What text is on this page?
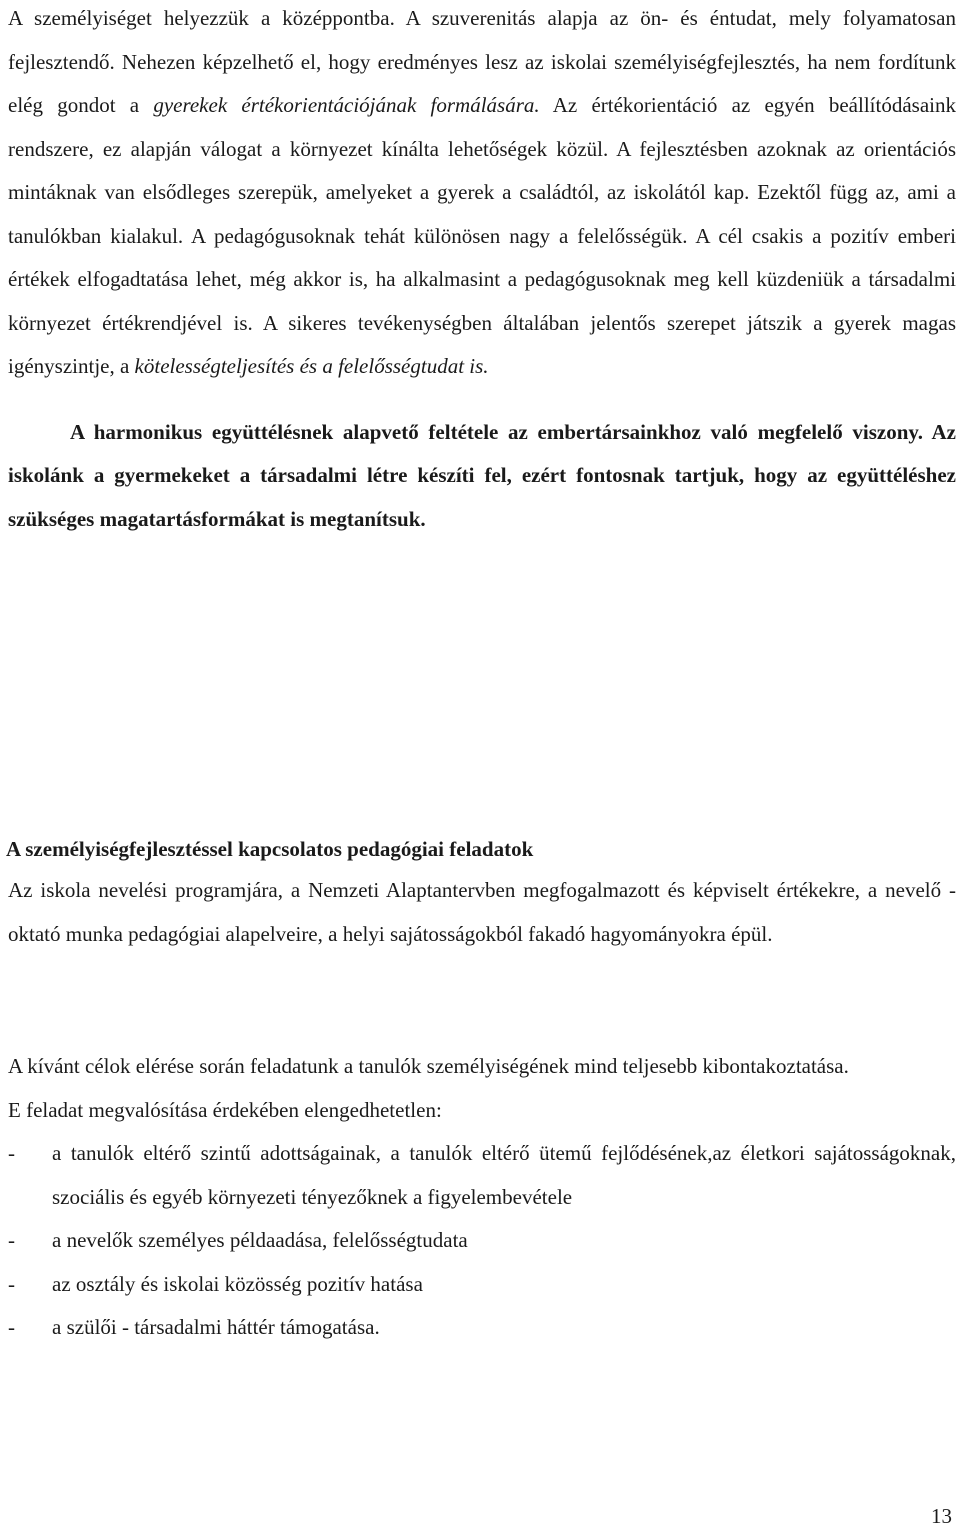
A személyiséget helyezzük a középpontba. A szuverenitás alapja az ön- és éntudat, mely folyamatosan fejlesztendő. Nehezen képzelhető el, hogy eredményes lesz az iskolai személyiségfejlesztés, ha nem fordítunk elég gondot a gyerekek értékorientációjának formálására. Az értékorientáció az egyén beállítódásaink rendszere, ez alapján válogat a környezet kínálta lehetőségek közül. A fejlesztésben azoknak az orientációs mintáknak van elsődleges szerepük, amelyeket a gyerek a családtól, az iskolától kap. Ezektől függ az, ami a tanulókban kialakul. A pedagógusoknak tehát különösen nagy a felelősségük. A cél csakis a pozitív emberi értékek elfogadtatása lehet, még akkor is, ha alkalmasint a pedagógusoknak meg kell küzdeniük a társadalmi környezet értékrendjével is. A sikeres tevékenységben általában jelentős szerepet játszik a gyerek magas igényszintje, a kötelességteljesítés és a felelősségtudat is.

A harmonikus együttélésnek alapvető feltétele az embertársainkhoz való megfelelő viszony. Az iskolánk a gyermekeket a társadalmi létre készíti fel, ezért fontosnak tartjuk, hogy az együttéléshez szükséges magatartásformákat is megtanítsuk.

A személyiségfejlesztéssel kapcsolatos pedagógiai feladatok

Az iskola nevelési programjára, a Nemzeti Alaptantervben megfogalmazott és képviselt értékekre, a nevelő - oktató munka pedagógiai alapelveire, a helyi sajátosságokból fakadó hagyományokra épül.

A kívánt célok elérése során feladatunk a tanulók személyiségének mind teljesebb kibontakoztatása.

E feladat megvalósítása érdekében elengedhetetlen:

- a tanulók eltérő szintű adottságainak, a tanulók eltérő ütemű fejlődésének,az életkori sajátosságoknak, szociális és egyéb környezeti tényezőknek a figyelembevétele
- a nevelők személyes példaadása, felelősségtudata
- az osztály és iskolai közösség pozitív hatása
- a szülői - társadalmi háttér támogatása.
13
